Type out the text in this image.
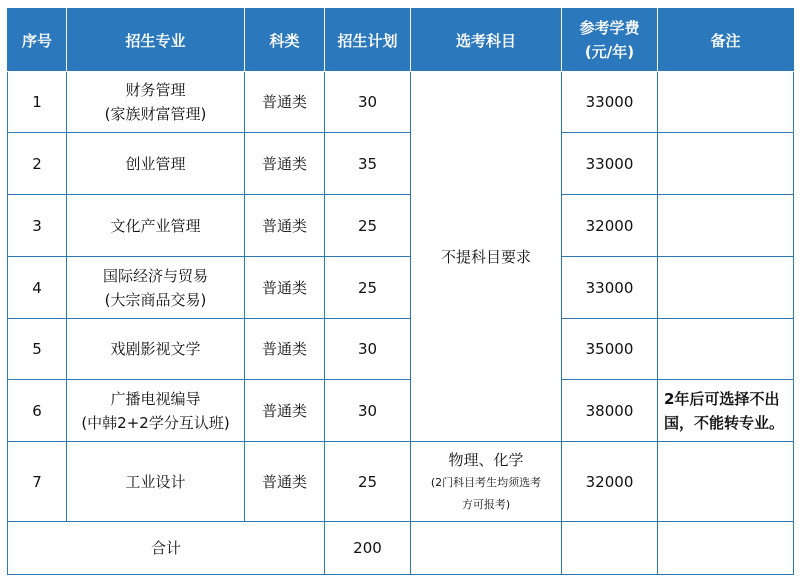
序号	招生专业	科类	招生计划	选考科目	参考学费
(元/年)	备注
1	财务管理
(家族财富管理)	普通类	30	不提科目要求	33000	
2	创业管理	普通类	35		33000	
3	文化产业管理	普通类	25		32000	
4	国际经济与贸易
(大宗商品交易)	普通类	25		33000	
5	戏剧影视文学	普通类	30		35000	
6	广播电视编导
(中韩2+2学分互认班)	普通类	30		38000	2年后可选择不出国，不能转专业。
7	工业设计	普通类	25	物理、化学
(2门科目考生均须选考
方可报考)	32000	
合计			200			
